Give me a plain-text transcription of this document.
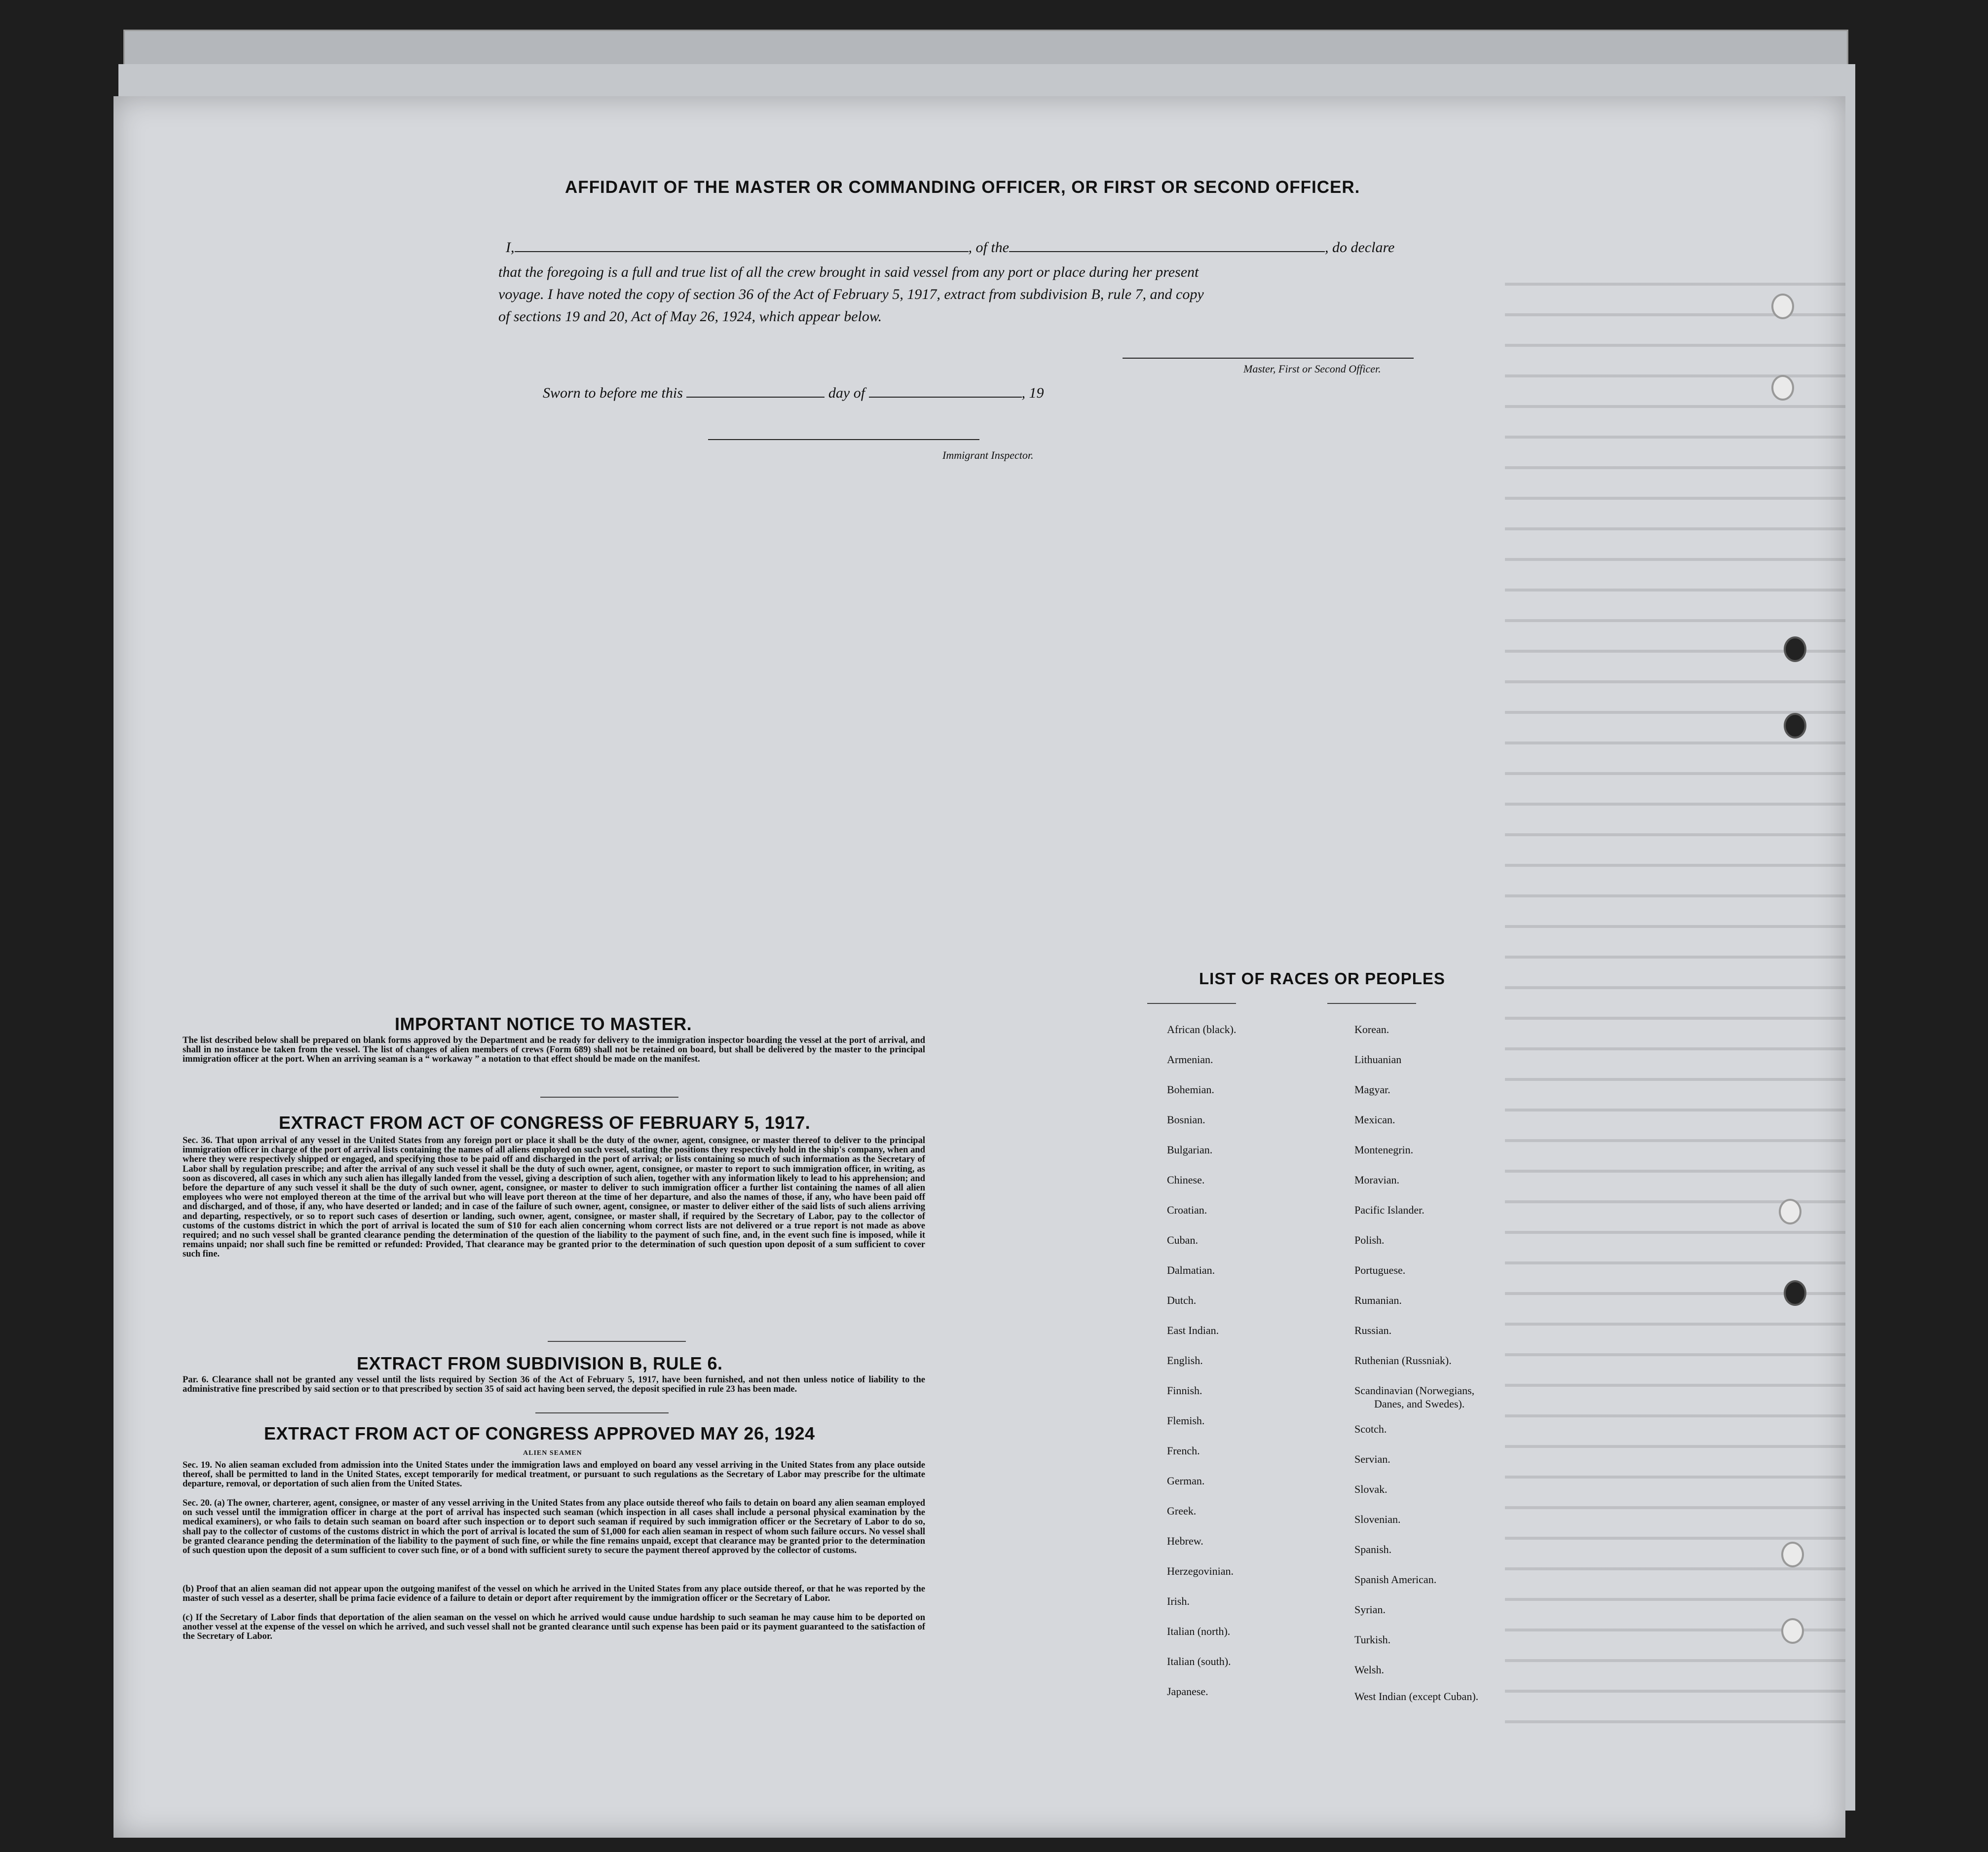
AFFIDAVIT OF THE MASTER OR COMMANDING OFFICER, OR FIRST OR SECOND OFFICER.
I,	, of the	, do declare
that the foregoing is a full and true list of all the crew brought in said vessel from any port or place during her present
voyage. I have noted the copy of section 36 of the Act of February 5, 1917, extract from subdivision B, rule 7, and copy
of sections 19 and 20, Act of May 26, 1924, which appear below.
Master, First or Second Officer.
Sworn to before me this	day of	, 19
Immigrant Inspector.
IMPORTANT NOTICE TO MASTER.

The list described below shall be prepared on blank forms approved by the Department and be ready for delivery to the immigration inspector boarding the vessel at the port of arrival, and shall in no instance be taken from the vessel. The list of changes of alien members of crews (Form 689) shall not be retained on board, but shall be delivered by the master to the principal immigration officer at the port. When an arriving seaman is a “ workaway ” a notation to that effect should be made on the manifest.

EXTRACT FROM ACT OF CONGRESS OF FEBRUARY 5, 1917.

Sec. 36. That upon arrival of any vessel in the United States from any foreign port or place it shall be the duty of the owner, agent, consignee, or master thereof to deliver to the principal immigration officer in charge of the port of arrival lists containing the names of all aliens employed on such vessel, stating the positions they respectively hold in the ship's company, when and where they were respectively shipped or engaged, and specifying those to be paid off and discharged in the port of arrival; or lists containing so much of such information as the Secretary of Labor shall by regulation prescribe; and after the arrival of any such vessel it shall be the duty of such owner, agent, consignee, or master to report to such immigration officer, in writing, as soon as discovered, all cases in which any such alien has illegally landed from the vessel, giving a description of such alien, together with any information likely to lead to his apprehension; and before the departure of any such vessel it shall be the duty of such owner, agent, consignee, or master to deliver to such immigration officer a further list containing the names of all alien employees who were not employed thereon at the time of the arrival but who will leave port thereon at the time of her departure, and also the names of those, if any, who have been paid off and discharged, and of those, if any, who have deserted or landed; and in case of the failure of such owner, agent, consignee, or master to deliver either of the said lists of such aliens arriving and departing, respectively, or so to report such cases of desertion or landing, such owner, agent, consignee, or master shall, if required by the Secretary of Labor, pay to the collector of customs of the customs district in which the port of arrival is located the sum of $10 for each alien concerning whom correct lists are not delivered or a true report is not made as above required; and no such vessel shall be granted clearance pending the determination of the question of the liability to the payment of such fine, and, in the event such fine is imposed, while it remains unpaid; nor shall such fine be remitted or refunded: Provided, That clearance may be granted prior to the determination of such question upon deposit of a sum sufficient to cover such fine.

EXTRACT FROM SUBDIVISION B, RULE 6.

Par. 6. Clearance shall not be granted any vessel until the lists required by Section 36 of the Act of February 5, 1917, have been furnished, and not then unless notice of liability to the administrative fine prescribed by said section or to that prescribed by section 35 of said act having been served, the deposit specified in rule 23 has been made.

EXTRACT FROM ACT OF CONGRESS APPROVED MAY 26, 1924
ALIEN SEAMEN

Sec. 19. No alien seaman excluded from admission into the United States under the immigration laws and employed on board any vessel arriving in the United States from any place outside thereof, shall be permitted to land in the United States, except temporarily for medical treatment, or pursuant to such regulations as the Secretary of Labor may prescribe for the ultimate departure, removal, or deportation of such alien from the United States.

Sec. 20. (a) The owner, charterer, agent, consignee, or master of any vessel arriving in the United States from any place outside thereof who fails to detain on board any alien seaman employed on such vessel until the immigration officer in charge at the port of arrival has inspected such seaman (which inspection in all cases shall include a personal physical examination by the medical examiners), or who fails to detain such seaman on board after such inspection or to deport such seaman if required by such immigration officer or the Secretary of Labor to do so, shall pay to the collector of customs of the customs district in which the port of arrival is located the sum of $1,000 for each alien seaman in respect of whom such failure occurs. No vessel shall be granted clearance pending the determination of the liability to the payment of such fine, or while the fine remains unpaid, except that clearance may be granted prior to the determination of such question upon the deposit of a sum sufficient to cover such fine, or of a bond with sufficient surety to secure the payment thereof approved by the collector of customs.

(b) Proof that an alien seaman did not appear upon the outgoing manifest of the vessel on which he arrived in the United States from any place outside thereof, or that he was reported by the master of such vessel as a deserter, shall be prima facie evidence of a failure to detain or deport after requirement by the immigration officer or the Secretary of Labor.

(c) If the Secretary of Labor finds that deportation of the alien seaman on the vessel on which he arrived would cause undue hardship to such seaman he may cause him to be deported on another vessel at the expense of the vessel on which he arrived, and such vessel shall not be granted clearance until such expense has been paid or its payment guaranteed to the satisfaction of the Secretary of Labor.

LIST OF RACES OR PEOPLES
African (black).
Armenian.
Bohemian.
Bosnian.
Bulgarian.
Chinese.
Croatian.
Cuban.
Dalmatian.
Dutch.
East Indian.
English.
Finnish.
Flemish.
French.
German.
Greek.
Hebrew.
Herzegovinian.
Irish.
Italian (north).
Italian (south).
Japanese.
Korean.
Lithuanian
Magyar.
Mexican.
Montenegrin.
Moravian.
Pacific Islander.
Polish.
Portuguese.
Rumanian.
Russian.
Ruthenian (Russniak).
Scandinavian (Norwegians,
Danes, and Swedes).
Scotch.
Servian.
Slovak.
Slovenian.
Spanish.
Spanish American.
Syrian.
Turkish.
Welsh.
West Indian (except Cuban).
